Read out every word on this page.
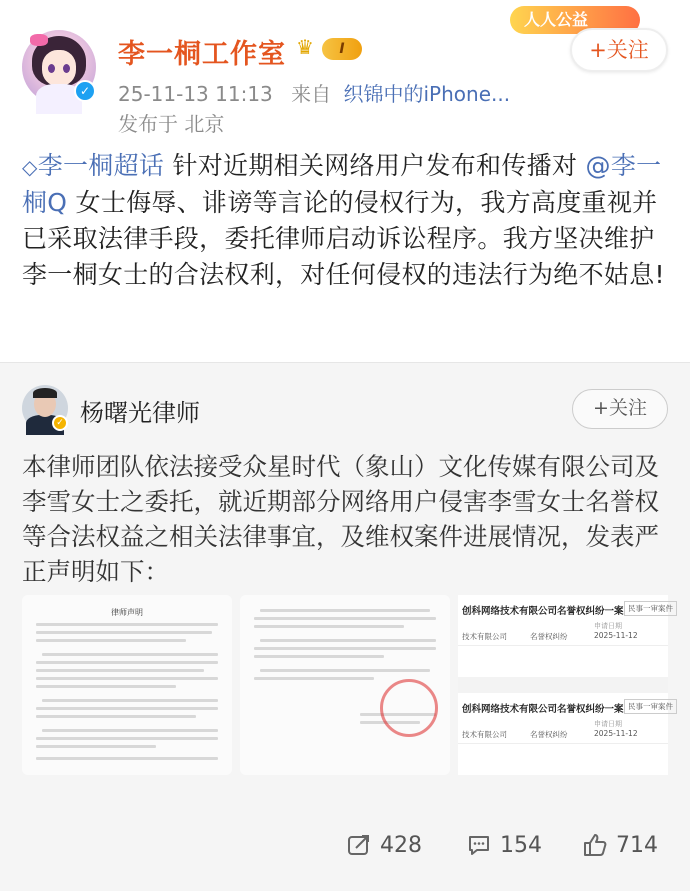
✓
李一桐工作室 ♛	I
人人公益
+关注
25-11-13 11:13 来自 织锦中的iPhone...
发布于 北京
◇李一桐超话 针对近期相关网络用户发布和传播对 @李一桐Q 女士侮辱、诽谤等言论的侵权行为，我方高度重视并已采取法律手段，委托律师启动诉讼程序。我方坚决维护李一桐女士的合法权利，对任何侵权的违法行为绝不姑息!
✓ 杨曙光律师	+关注
本律师团队依法接受众星时代（象山）文化传媒有限公司及李雪女士之委托，就近期部分网络用户侵害李雪女士名誉权等合法权益之相关法律事宜，及维权案件进展情况，发表严正声明如下：
律师声明	创科网络技术有限公司名誉权纠纷一案 民事一审案件
申请日期
技术有限公司	名誉权纠纷	2025-11-12
创科网络技术有限公司名誉权纠纷一案 民事一审案件
申请日期
技术有限公司	名誉权纠纷	2025-11-12
428	154	714
